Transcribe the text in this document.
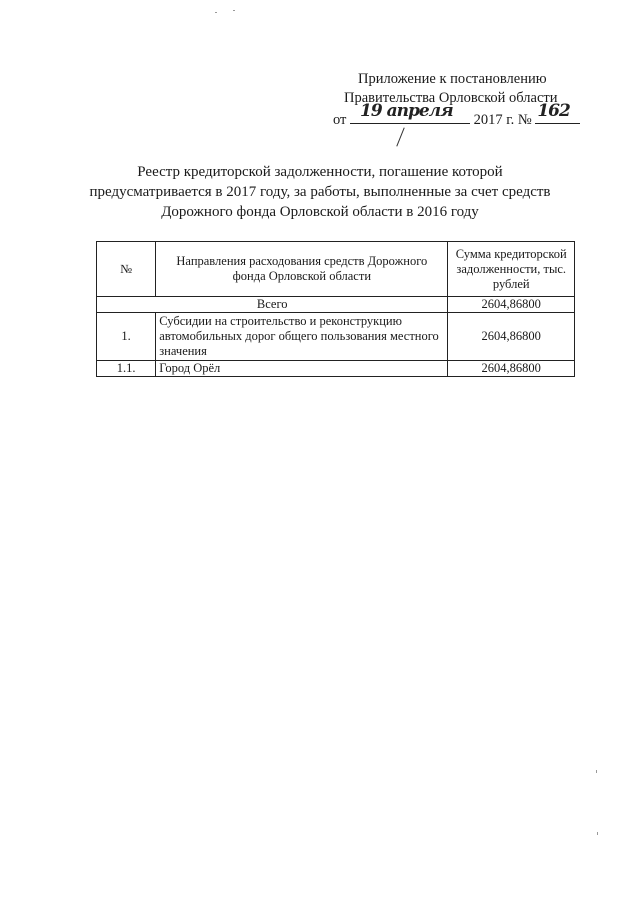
Приложение к постановлению
Правительства Орловской области
от 19 апреля 2017 г. № 162
Реестр кредиторской задолженности, погашение которой
предусматривается в 2017 году, за работы, выполненные за счет средств
Дорожного фонда Орловской области в 2016 году
№	Направления расходования средств Дорожного фонда Орловской области	Сумма кредиторской задолженности, тыс. рублей
Всего		2604,86800
1.	Субсидии на строительство и реконструкцию автомобильных дорог общего пользования местного значения	2604,86800
1.1.	Город Орёл	2604,86800
